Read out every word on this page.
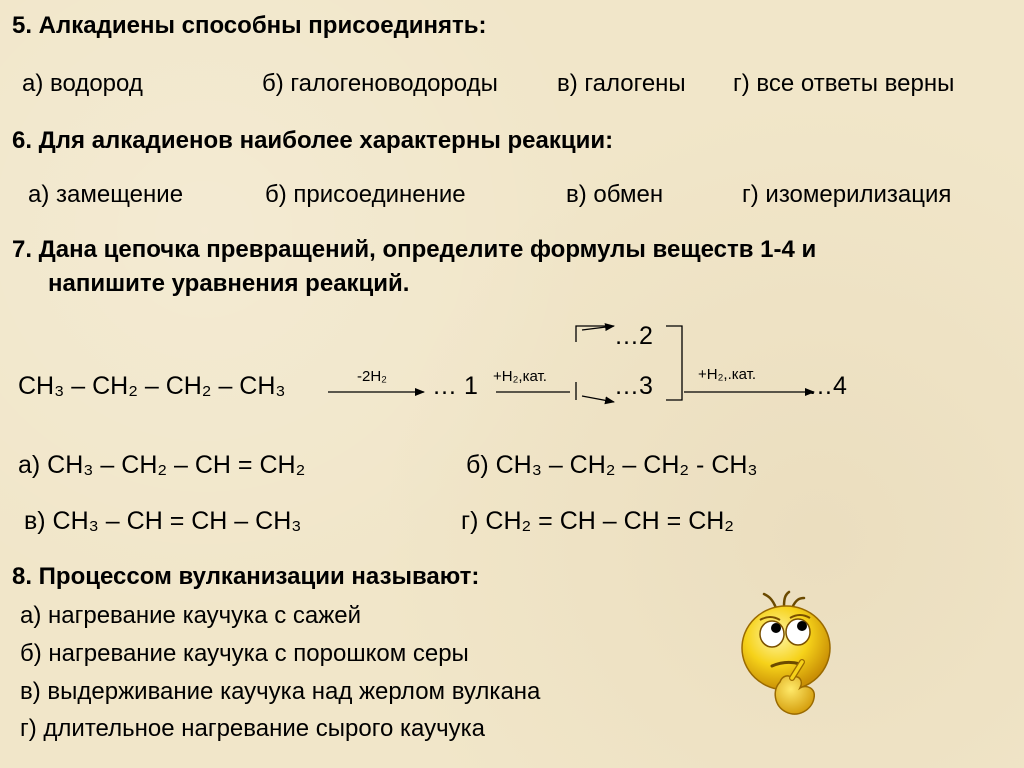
5. Алкадиены способны присоединять:
а) водород	б) галогеноводороды в) галогены г) все ответы верны
6. Для алкадиенов наиболее характерны реакции:
а) замещение	б) присоединение	в) обмен	г) изомерилизация
7. Дана цепочка превращений, определите формулы веществ 1-4 и
напишите уравнения реакций.
CH₃ – CH₂ – CH₂ – CH₃	-2H₂ … 1 +H₂,кат.
…2
…3	+H₂,.кат. …4
а) CH₃ – CH₂ – CH = CH₂	б) CH₃ – CH₂ – CH₂ - CH₃
в) CH₃ – CH = CH – CH₃	г) CH₂ = CH – CH = CH₂
8. Процессом вулканизации называют:
а) нагревание каучука с сажей
б) нагревание каучука с порошком серы
в) выдерживание каучука над жерлом вулкана
г) длительное нагревание сырого каучука
